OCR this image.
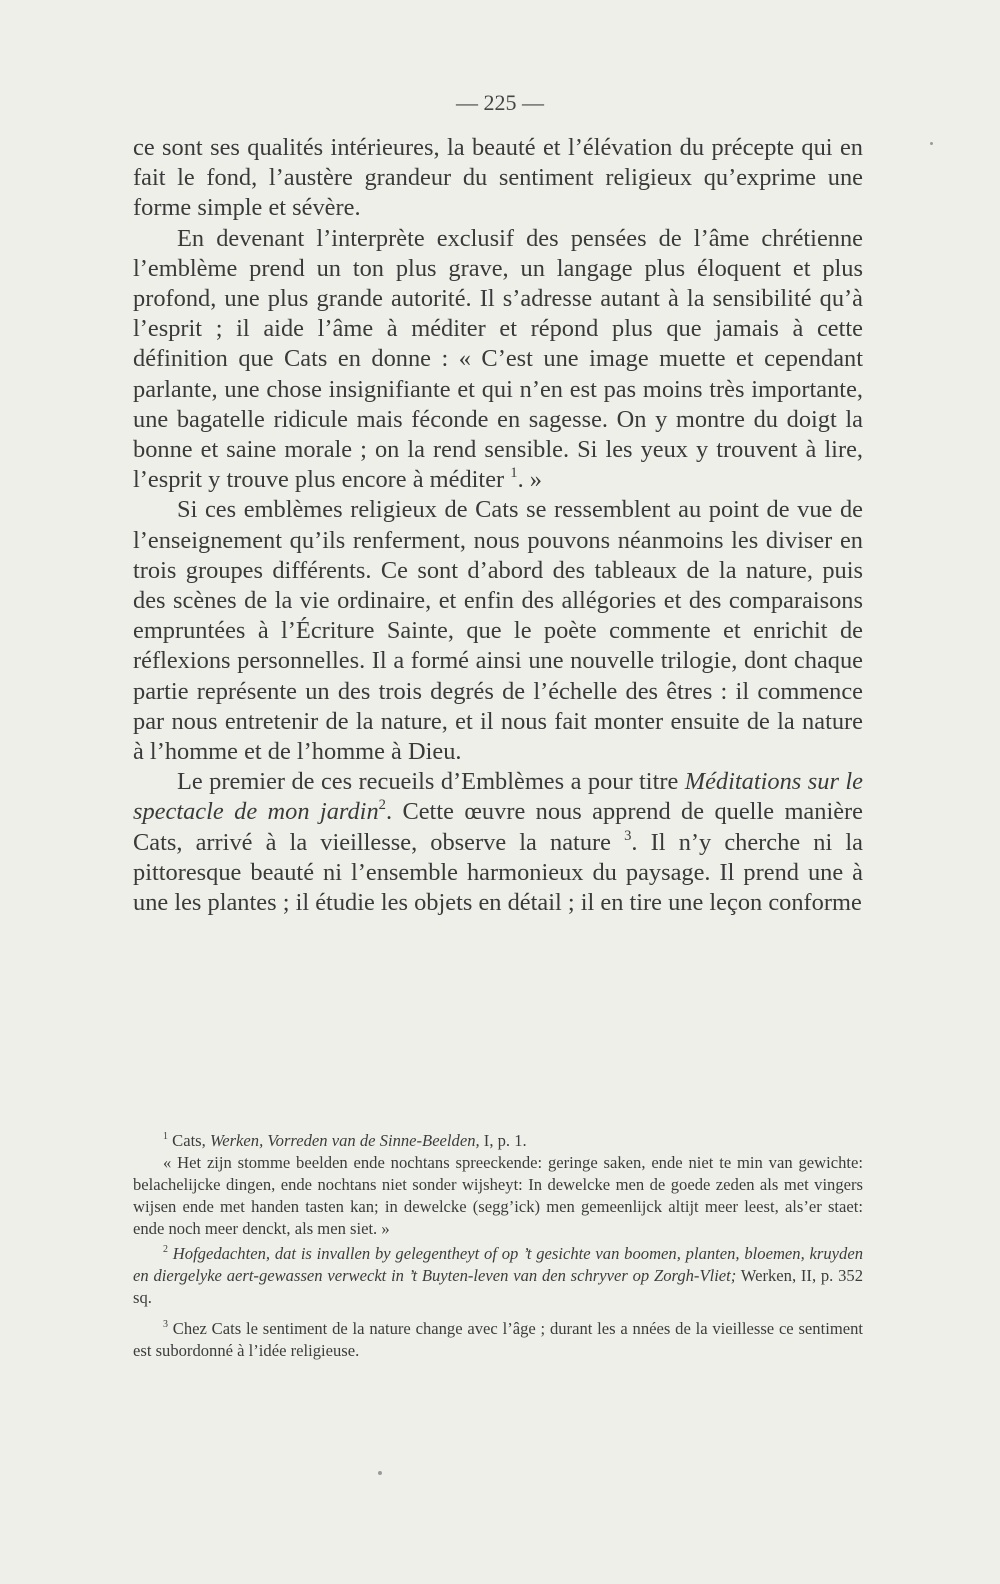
— 225 —

ce sont ses qualités intérieures, la beauté et l’élévation du précepte qui en fait le fond, l’austère grandeur du sentiment religieux qu’exprime une forme simple et sévère.

En devenant l’interprète exclusif des pensées de l’âme chrétienne l’emblème prend un ton plus grave, un langage plus éloquent et plus profond, une plus grande autorité. Il s’adresse autant à la sensibilité qu’à l’esprit ; il aide l’âme à méditer et répond plus que jamais à cette définition que Cats en donne : « C’est une image muette et cependant parlante, une chose insignifiante et qui n’en est pas moins très importante, une bagatelle ridicule mais féconde en sagesse. On y montre du doigt la bonne et saine morale ; on la rend sensible. Si les yeux y trouvent à lire, l’esprit y trouve plus encore à méditer $^1$. »

Si ces emblèmes religieux de Cats se ressemblent au point de vue de l’enseignement qu’ils renferment, nous pouvons néanmoins les diviser en trois groupes différents. Ce sont d’abord des tableaux de la nature, puis des scènes de la vie ordinaire, et enfin des allégories et des comparaisons empruntées à l’Écriture Sainte, que le poète commente et enrichit de réflexions personnelles. Il a formé ainsi une nouvelle trilogie, dont chaque partie représente un des trois degrés de l’échelle des êtres : il commence par nous entretenir de la nature, et il nous fait monter ensuite de la nature à l’homme et de l’homme à Dieu.

Le premier de ces recueils d’Emblèmes a pour titre Méditations sur le spectacle de mon jardin$^2$. Cette œuvre nous apprend de quelle manière Cats, arrivé à la vieillesse, observe la nature $^3$. Il n’y cherche ni la pittoresque beauté ni l’ensemble harmonieux du paysage. Il prend une à une les plantes ; il étudie les objets en détail ; il en tire une leçon conforme

$^1$ Cats, Werken, Vorreden van de Sinne-Beelden, I, p. 1.

« Het zijn stomme beelden ende nochtans spreeckende: geringe saken, ende niet te min van gewichte: belachelijcke dingen, ende nochtans niet sonder wijsheyt: In dewelcke men de goede zeden als met vingers wijsen ende met handen tasten kan; in dewelcke (segg’ick) men gemeenlijck altijt meer leest, als’er staet: ende noch meer denckt, als men siet. »

$^2$ Hofgedachten, dat is invallen by gelegentheyt of op ’t gesichte van boomen, planten, bloemen, kruyden en diergelyke aert-gewassen verweckt in ’t Buyten-leven van den schryver op Zorgh-Vliet; Werken, II, p. 352 sq.

$^3$ Chez Cats le sentiment de la nature change avec l’âge ; durant les a nnées de la vieillesse ce sentiment est subordonné à l’idée religieuse.
